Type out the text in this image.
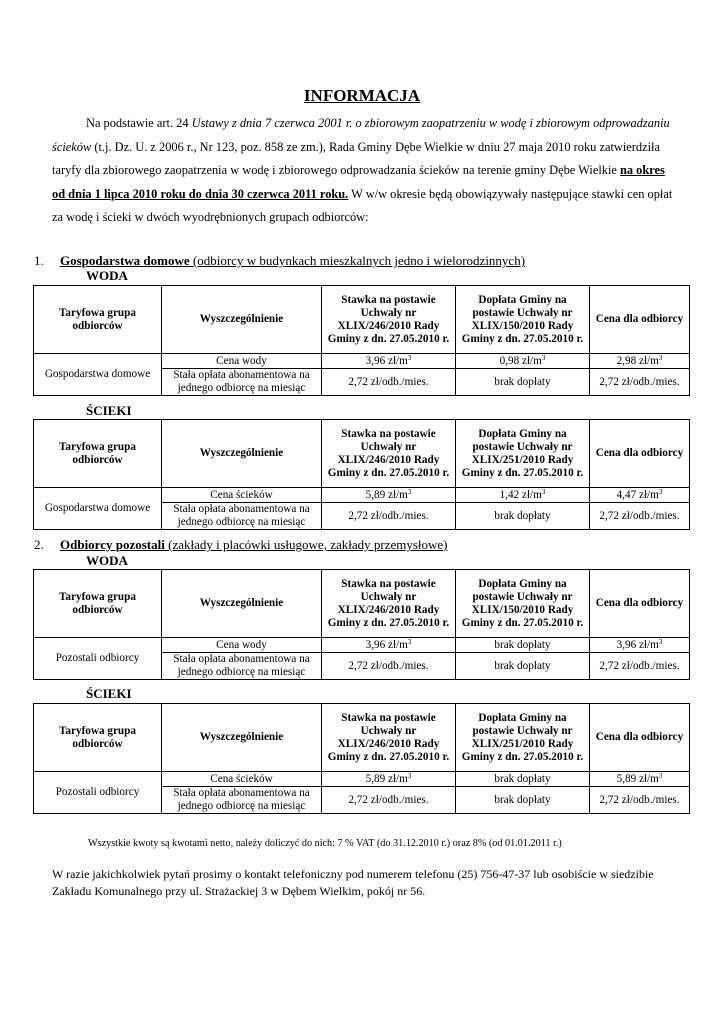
INFORMACJA

Na podstawie art. 24 Ustawy z dnia 7 czerwca 2001 r. o zbiorowym zaopatrzeniu w wodę i zbiorowym odprowadzaniu ścieków (t.j. Dz. U. z 2006 r., Nr 123, poz. 858 ze zm.), Rada Gminy Dębe Wielkie w dniu 27 maja 2010 roku zatwierdziła taryfy dla zbiorowego zaopatrzenia w wodę i zbiorowego odprowadzania ścieków na terenie gminy Dębe Wielkie na okres od dnia 1 lipca 2010 roku do dnia 30 czerwca 2011 roku. W w/w okresie będą obowiązywały następujące stawki cen opłat za wodę i ścieki w dwóch wyodrębnionych grupach odbiorców:

1. Gospodarstwa domowe (odbiorcy w budynkach mieszkalnych jedno i wielorodzinnych)
WODA
Taryfowa grupa odbiorców	Wyszczególnienie	Stawka na postawie Uchwały nr XLIX/246/2010 Rady Gminy z dn. 27.05.2010 r.	Dopłata Gminy na postawie Uchwały nr XLIX/150/2010 Rady Gminy z dn. 27.05.2010 r.	Cena dla odbiorcy
Gospodarstwa domowe	Cena wody	3,96 $zł/m^3$	0,98 $zł/m^3$	2,98 $zł/m^3$
	Stała opłata abonamentowa na jednego odbiorcę na miesiąc	2,72 zł/odb./mies.	brak dopłaty	2,72 zł/odb./mies.
ŚCIEKI
Taryfowa grupa odbiorców	Wyszczególnienie	Stawka na postawie Uchwały nr XLIX/246/2010 Rady Gminy z dn. 27.05.2010 r.	Dopłata Gminy na postawie Uchwały nr XLIX/251/2010 Rady Gminy z dn. 27.05.2010 r.	Cena dla odbiorcy
Gospodarstwa domowe	Cena ścieków	5,89 $zł/m^3$	1,42 $zł/m^3$	4,47 $zł/m^3$
	Stała opłata abonamentowa na jednego odbiorcę na miesiąc	2,72 zł/odb./mies.	brak dopłaty	2,72 zł/odb./mies.
2. Odbiorcy pozostali (zakłady i placówki usługowe, zakłady przemysłowe)
WODA
Taryfowa grupa odbiorców	Wyszczególnienie	Stawka na postawie Uchwały nr XLIX/246/2010 Rady Gminy z dn. 27.05.2010 r.	Dopłata Gminy na postawie Uchwały nr XLIX/150/2010 Rady Gminy z dn. 27.05.2010 r.	Cena dla odbiorcy
Pozostali odbiorcy	Cena wody	3,96 $zł/m^3$	brak dopłaty	3,96 $zł/m^3$
	Stała opłata abonamentowa na jednego odbiorcę na miesiąc	2,72 zł/odb./mies.	brak dopłaty	2,72 zł/odb./mies.
ŚCIEKI
Taryfowa grupa odbiorców	Wyszczególnienie	Stawka na postawie Uchwały nr XLIX/246/2010 Rady Gminy z dn. 27.05.2010 r.	Dopłata Gminy na postawie Uchwały nr XLIX/251/2010 Rady Gminy z dn. 27.05.2010 r.	Cena dla odbiorcy
Pozostali odbiorcy	Cena ścieków	5,89 $zł/m^3$	brak dopłaty	5,89 $zł/m^3$
	Stała opłata abonamentowa na jednego odbiorcę na miesiąc	2,72 zł/odb./mies.	brak dopłaty	2,72 zł/odb./mies.
Wszystkie kwoty są kwotami netto, należy doliczyć do nich: 7 % VAT (do 31.12.2010 r.) oraz 8% (od 01.01.2011 r.)
W razie jakichkolwiek pytań prosimy o kontakt telefoniczny pod numerem telefonu (25) 756-47-37 lub osobiście w siedzibie Zakładu Komunalnego przy ul. Strażackiej 3 w Dębem Wielkim, pokój nr 56.
